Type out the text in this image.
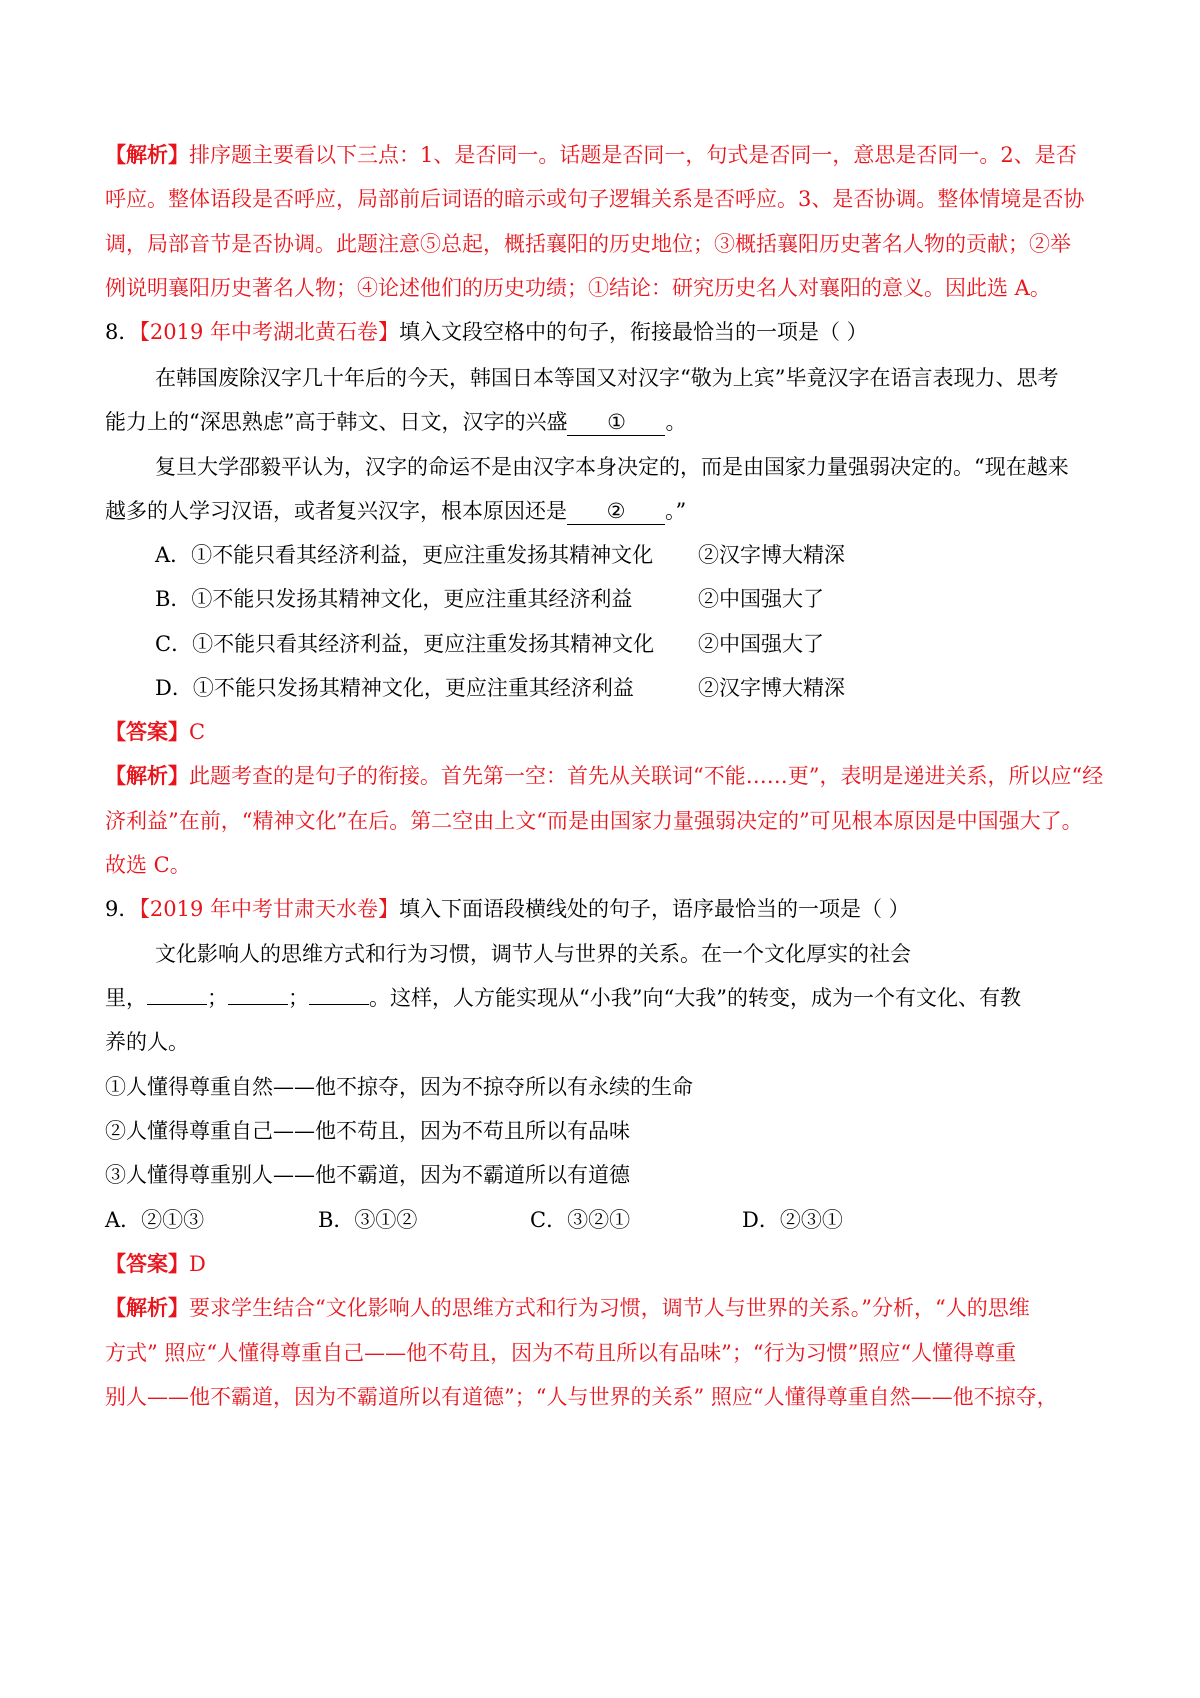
【解析】排序题主要看以下三点：1、是否同一。话题是否同一，句式是否同一，意思是否同一。2、是否
呼应。整体语段是否呼应，局部前后词语的暗示或句子逻辑关系是否呼应。3、是否协调。整体情境是否协
调，局部音节是否协调。此题注意⑤总起，概括襄阳的历史地位；③概括襄阳历史著名人物的贡献；②举
例说明襄阳历史著名人物；④论述他们的历史功绩；①结论：研究历史名人对襄阳的意义。因此选 A。
8．【2019 年中考湖北黄石卷】填入文段空格中的句子，衔接最恰当的一项是（ ）
在韩国废除汉字几十年后的今天，韩国日本等国又对汉字“敬为上宾”毕竟汉字在语言表现力、思考
能力上的“深思熟虑”高于韩文、日文，汉字的兴盛 ① 。
复旦大学邵毅平认为，汉字的命运不是由汉字本身决定的，而是由国家力量强弱决定的。“现在越来
越多的人学习汉语，或者复兴汉字，根本原因还是 ② 。”
A．①不能只看其经济利益，更应注重发扬其精神文化 ②汉字博大精深
B．①不能只发扬其精神文化，更应注重其经济利益	②中国强大了
C．①不能只看其经济利益，更应注重发扬其精神文化 ②中国强大了
D．①不能只发扬其精神文化，更应注重其经济利益	②汉字博大精深
【答案】C
【解析】此题考查的是句子的衔接。首先第一空：首先从关联词“不能……更”，表明是递进关系，所以应“经
济利益”在前，“精神文化”在后。第二空由上文“而是由国家力量强弱决定的”可见根本原因是中国强大了。
故选 C。
9．【2019 年中考甘肃天水卷】填入下面语段横线处的句子，语序最恰当的一项是（ ）
文化影响人的思维方式和行为习惯，调节人与世界的关系。在一个文化厚实的社会
里，	；	；	。这样，人方能实现从“小我”向“大我”的转变，成为一个有文化、有教
养的人。
①人懂得尊重自然——他不掠夺，因为不掠夺所以有永续的生命
②人懂得尊重自己——他不苟且，因为不苟且所以有品味
③人懂得尊重别人——他不霸道，因为不霸道所以有道德
A．②①③	B．③①②	C．③②①	D．②③①
【答案】D
【解析】要求学生结合“文化影响人的思维方式和行为习惯，调节人与世界的关系。”分析，“人的思维
方式” 照应“人懂得尊重自己——他不苟且，因为不苟且所以有品味”；“行为习惯”照应“人懂得尊重
别人——他不霸道，因为不霸道所以有道德”；“人与世界的关系” 照应“人懂得尊重自然——他不掠夺，
